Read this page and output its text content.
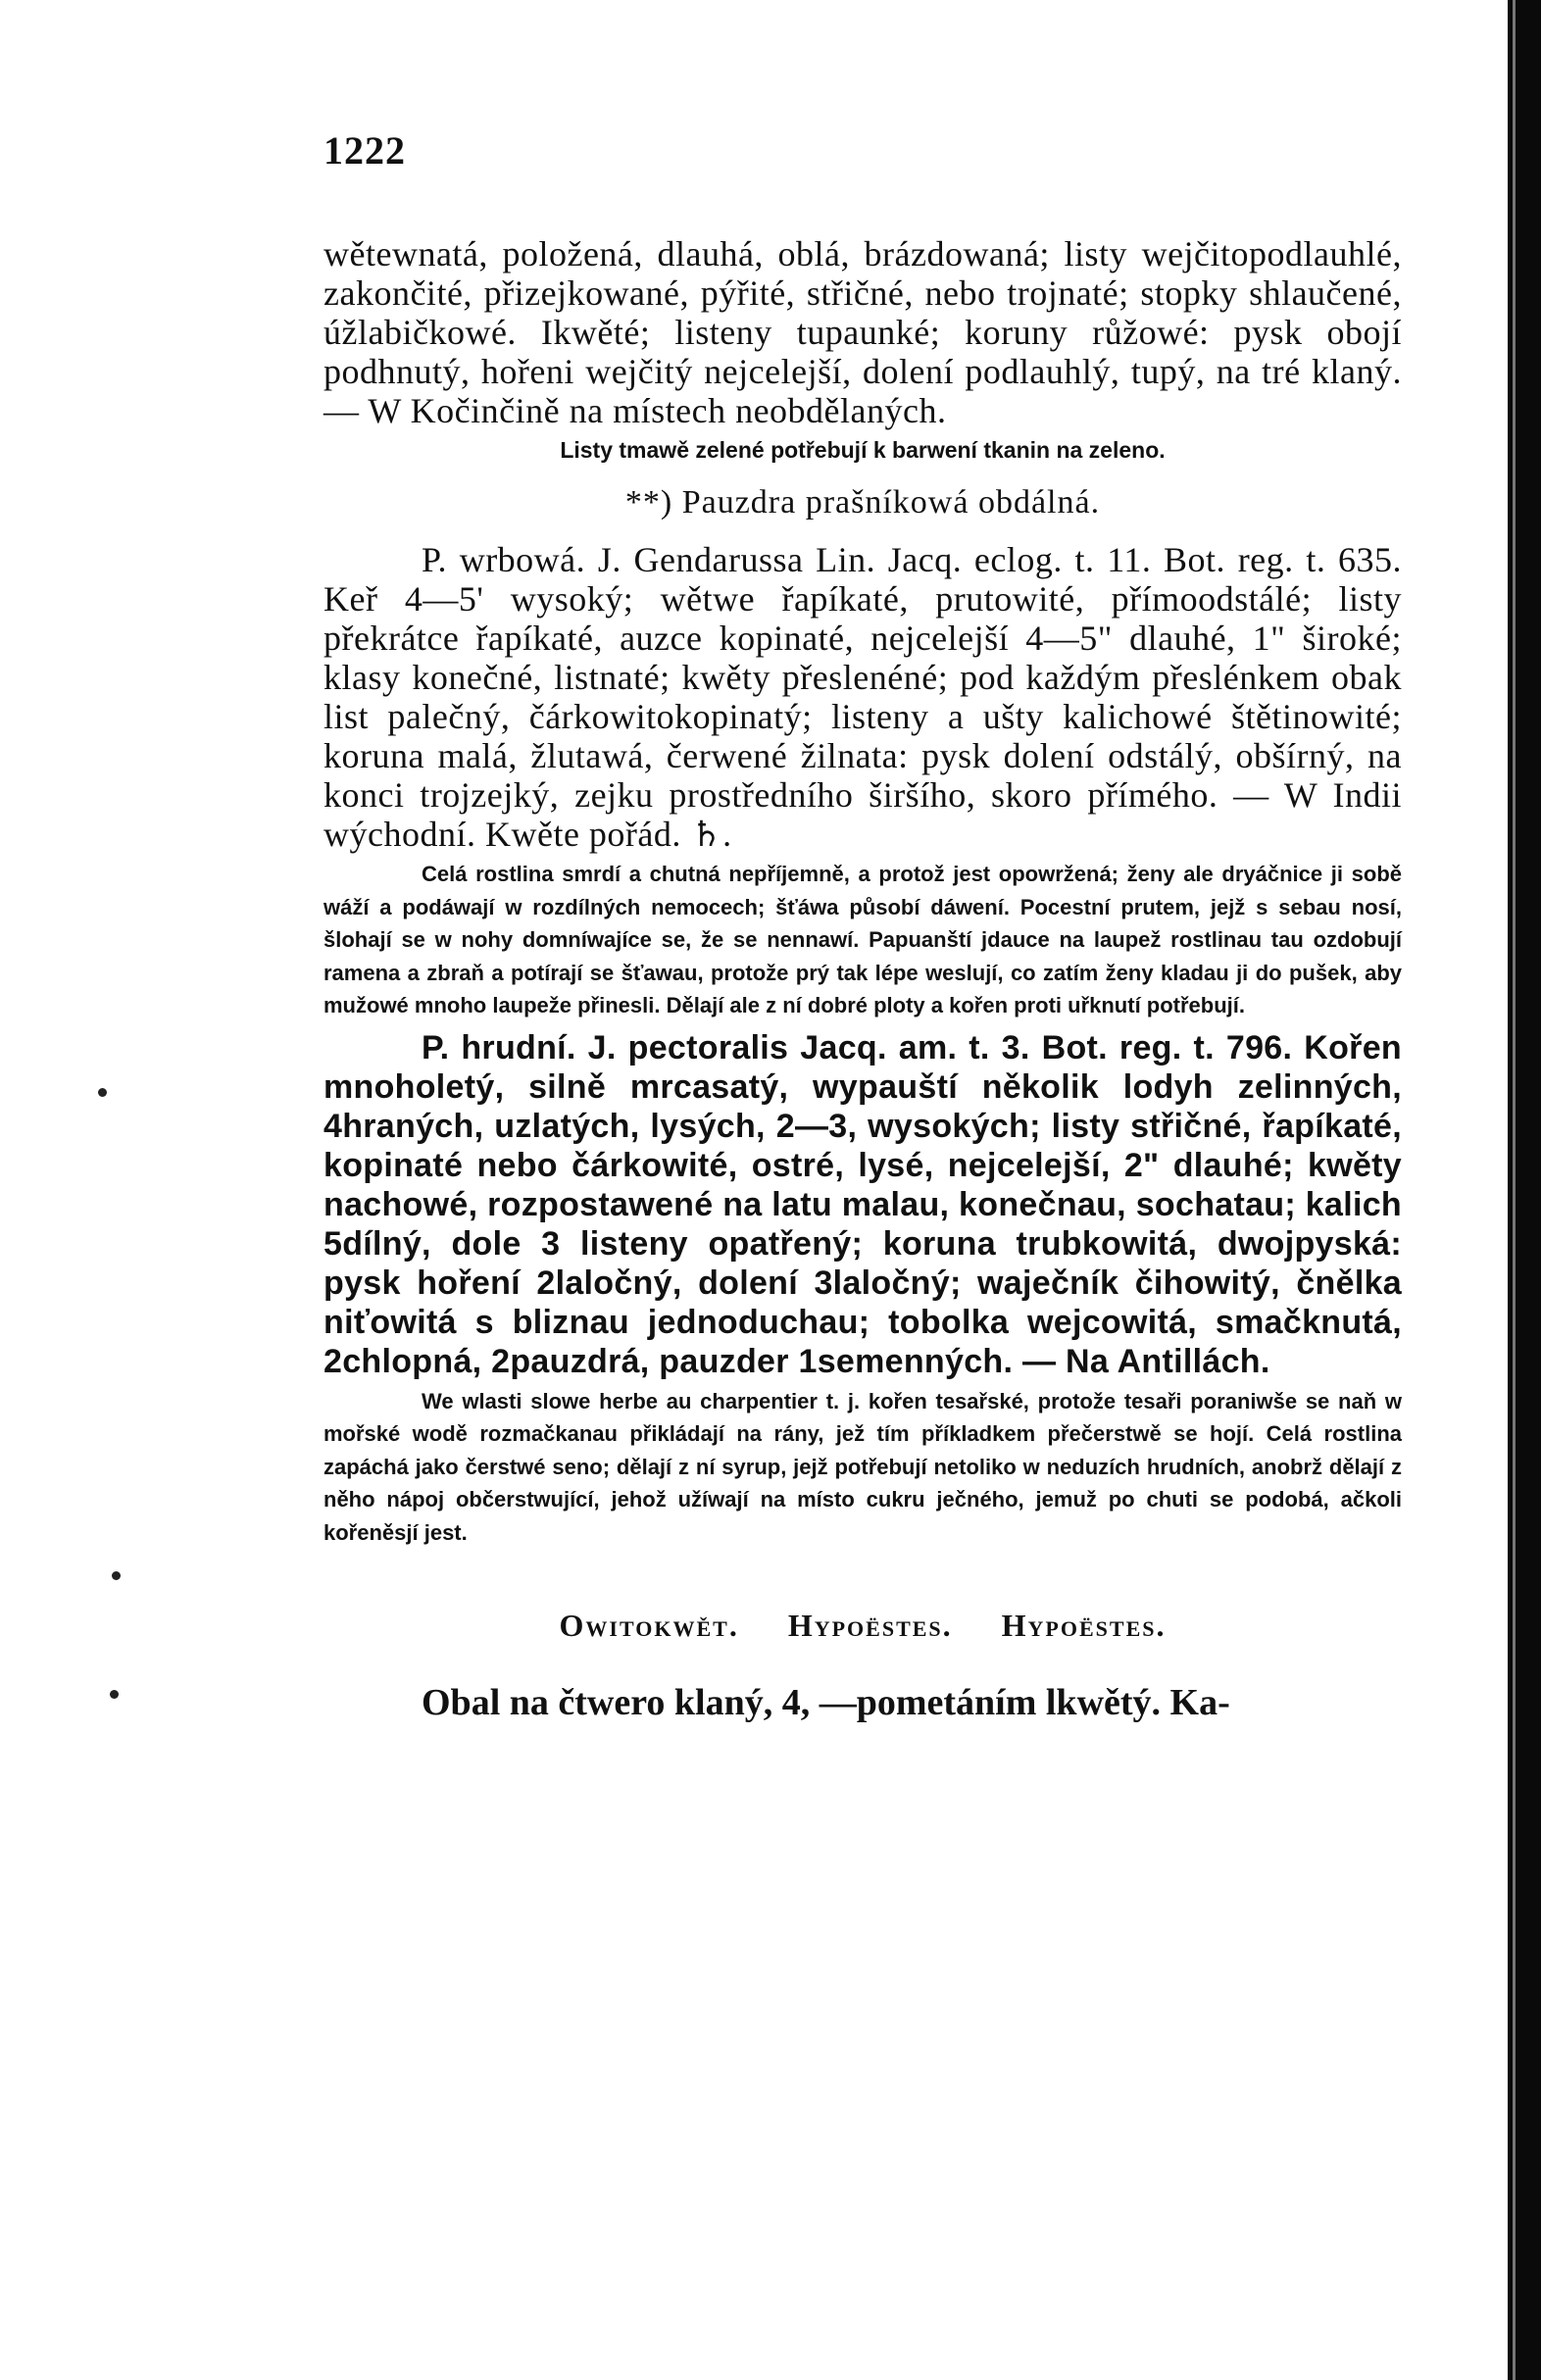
1222

wětewnatá, položená, dlauhá, oblá, brázdowaná; listy wejčitopodlauhlé, zakončité, přizejkowané, pýřité, střičné, nebo trojnaté; stopky shlaučené, úžlabičkowé. Ikwěté; listeny tupaunké; koruny růžowé: pysk obojí podhnutý, hořeni wejčitý nejcelejší, dolení podlauhlý, tupý, na tré klaný. — W Kočinčině na místech neobdělaných.

Listy tmawě zelené potřebují k barwení tkanin na zeleno.

**) Pauzdra prašníkowá obdálná.

P. wrbowá. J. Gendarussa Lin. Jacq. eclog. t. 11. Bot. reg. t. 635. Keř 4—5' wysoký; wětwe řapíkaté, prutowité, přímoodstálé; listy překrátce řapíkaté, auzce kopinaté, nejcelejší 4—5" dlauhé, 1" široké; klasy konečné, listnaté; kwěty přeslenéné; pod každým přeslénkem obak list palečný, čárkowitokopinatý; listeny a ušty kalichowé štětinowité; koruna malá, žlutawá, čerwené žilnata: pysk dolení odstálý, obšírný, na konci trojzejký, zejku prostředního širšího, skoro přímého. — W Indii wýchodní. Kwěte pořád. ♄.

Celá rostlina smrdí a chutná nepříjemně, a protož jest opowržená; ženy ale dryáčnice ji sobě wáží a podáwají w rozdílných nemocech; šťáwa působí dáwení. Pocestní prutem, jejž s sebau nosí, šlohají se w nohy domníwajíce se, že se nennawí. Papuanští jdauce na laupež rostlinau tau ozdobují ramena a zbraň a potírají se šťawau, protože prý tak lépe weslují, co zatím ženy kladau ji do pušek, aby mužowé mnoho laupeže přinesli. Dělají ale z ní dobré ploty a kořen proti uřknutí potřebují.

P. hrudní. J. pectoralis Jacq. am. t. 3. Bot. reg. t. 796. Kořen mnoholetý, silně mrcasatý, wypauští několik lodyh zelinných, 4hraných, uzlatých, lysých, 2—3, wysokých; listy střičné, řapíkaté, kopinaté nebo čárkowité, ostré, lysé, nejcelejší, 2" dlauhé; kwěty nachowé, rozpostawené na latu malau, konečnau, sochatau; kalich 5dílný, dole 3 listeny opatřený; koruna trubkowitá, dwojpyská: pysk hoření 2laločný, dolení 3laločný; waječník čihowitý, čnělka niťowitá s bliznau jednoduchau; tobolka wejcowitá, smačknutá, 2chlopná, 2pauzdrá, pauzder 1semenných. — Na Antillách.

We wlasti slowe herbe au charpentier t. j. kořen tesařské, protože tesaři poraniwše se naň w mořské wodě rozmačkanau přikládají na rány, jež tím příkladkem přečerstwě se hojí. Celá rostlina zapáchá jako čerstwé seno; dělají z ní syrup, jejž potřebují netoliko w neduzích hrudních, anobrž dělají z něho nápoj občerstwující, jehož užíwají na místo cukru ječného, jemuž po chuti se podobá, ačkoli kořeněsjí jest.

Owitokwět. Hypoëstes. Hypoëstes.

Obal na čtwero klaný, 4, —pometáním lkwětý. Ka-
